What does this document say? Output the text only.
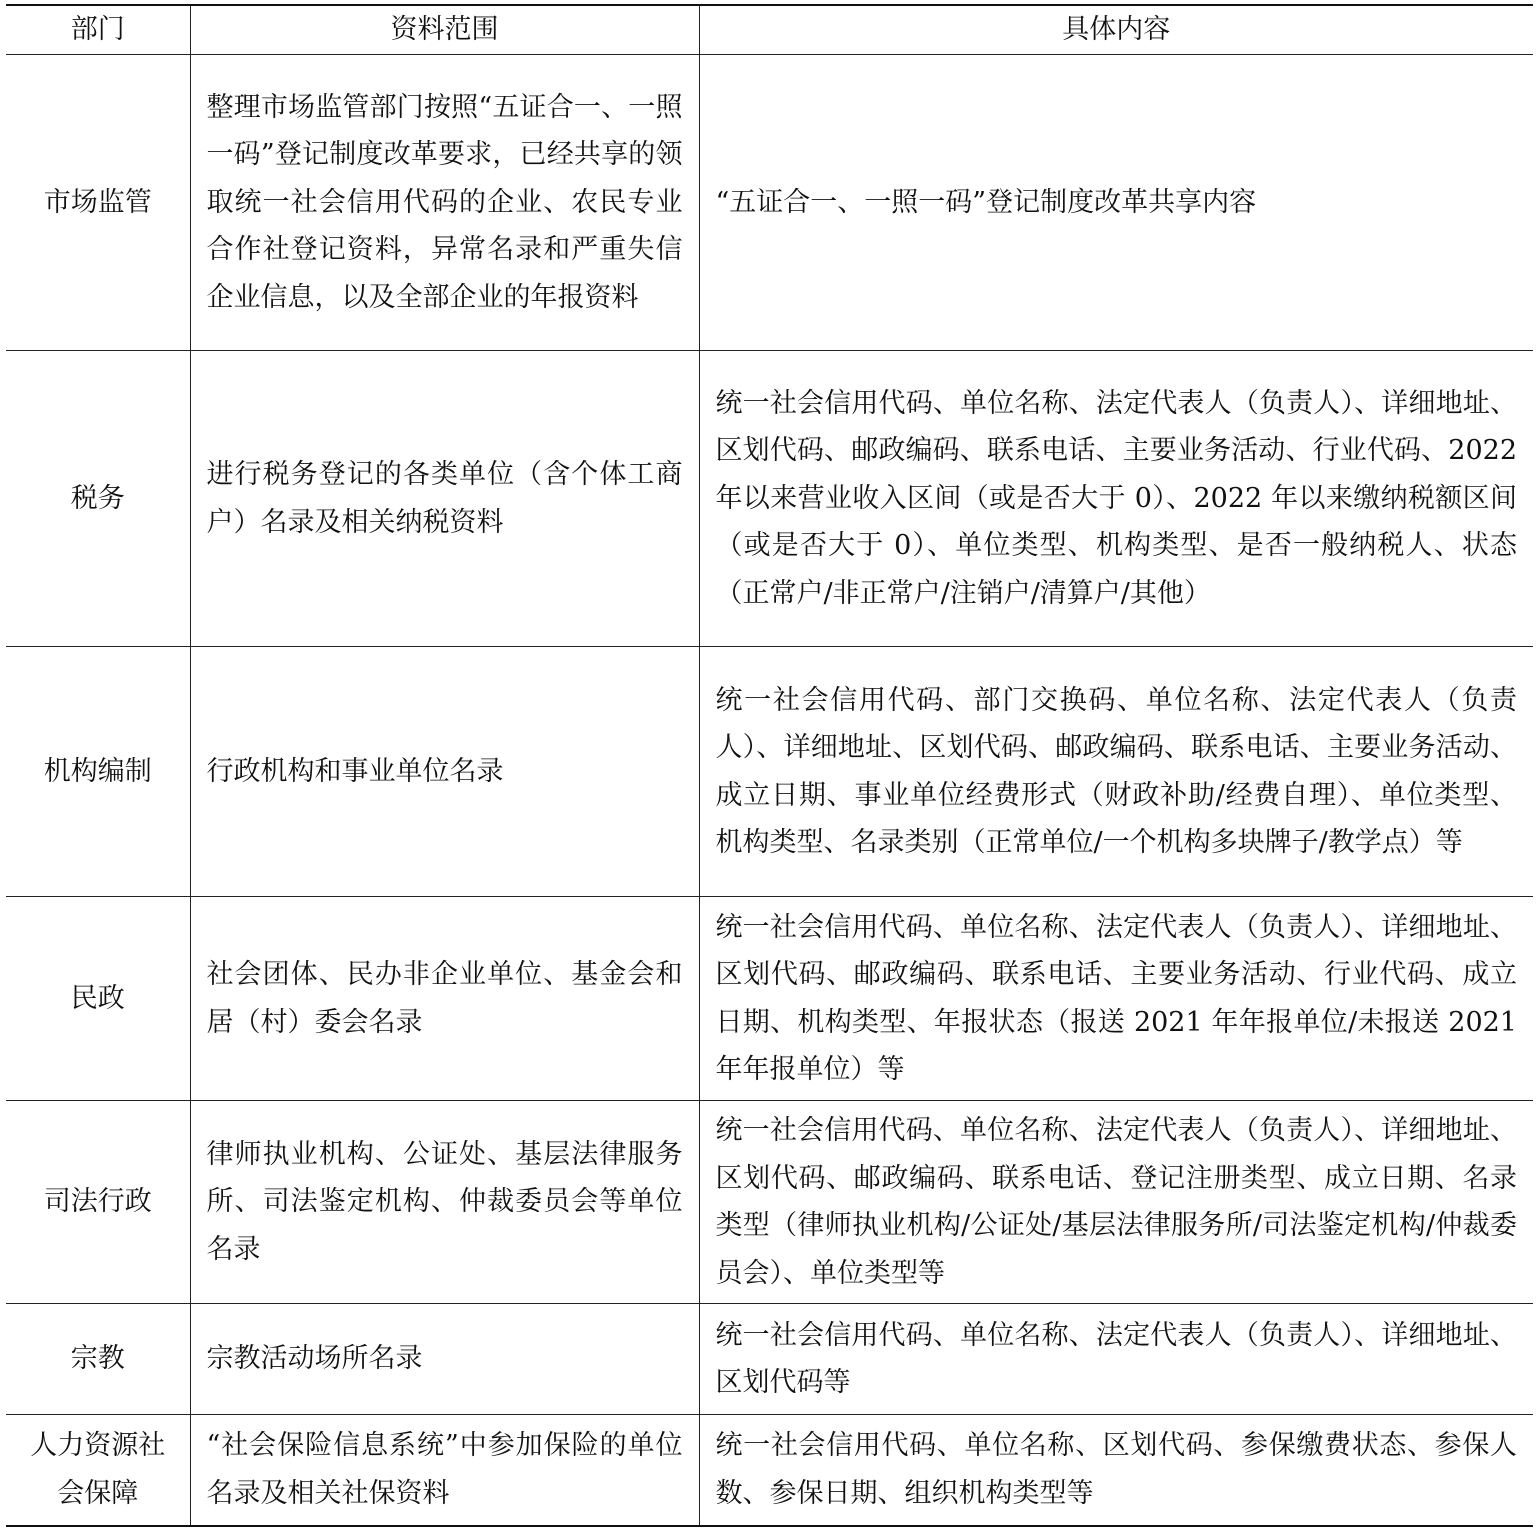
部门	资料范围	具体内容
市场监管	整理市场监管部门按照“五证合一、一照一码”登记制度改革要求，已经共享的领取统一社会信用代码的企业、农民专业合作社登记资料，异常名录和严重失信企业信息，以及全部企业的年报资料	“五证合一、一照一码”登记制度改革共享内容
税务	进行税务登记的各类单位（含个体工商户）名录及相关纳税资料	统一社会信用代码、单位名称、法定代表人（负责人）、详细地址、区划代码、邮政编码、联系电话、主要业务活动、行业代码、2022 年以来营业收入区间（或是否大于 0）、2022 年以来缴纳税额区间（或是否大于 0）、单位类型、机构类型、是否一般纳税人、状态（正常户/非正常户/注销户/清算户/其他）
机构编制	行政机构和事业单位名录	统一社会信用代码、部门交换码、单位名称、法定代表人（负责人）、详细地址、区划代码、邮政编码、联系电话、主要业务活动、成立日期、事业单位经费形式（财政补助/经费自理）、单位类型、机构类型、名录类别（正常单位/一个机构多块牌子/教学点）等
民政	社会团体、民办非企业单位、基金会和居（村）委会名录	统一社会信用代码、单位名称、法定代表人（负责人）、详细地址、区划代码、邮政编码、联系电话、主要业务活动、行业代码、成立日期、机构类型、年报状态（报送 2021 年年报单位/未报送 2021 年年报单位）等
司法行政	律师执业机构、公证处、基层法律服务所、司法鉴定机构、仲裁委员会等单位名录	统一社会信用代码、单位名称、法定代表人（负责人）、详细地址、区划代码、邮政编码、联系电话、登记注册类型、成立日期、名录类型（律师执业机构/公证处/基层法律服务所/司法鉴定机构/仲裁委员会）、单位类型等
宗教	宗教活动场所名录	统一社会信用代码、单位名称、法定代表人（负责人）、详细地址、区划代码等
人力资源社会保障	“社会保险信息系统”中参加保险的单位名录及相关社保资料	统一社会信用代码、单位名称、区划代码、参保缴费状态、参保人数、参保日期、组织机构类型等
